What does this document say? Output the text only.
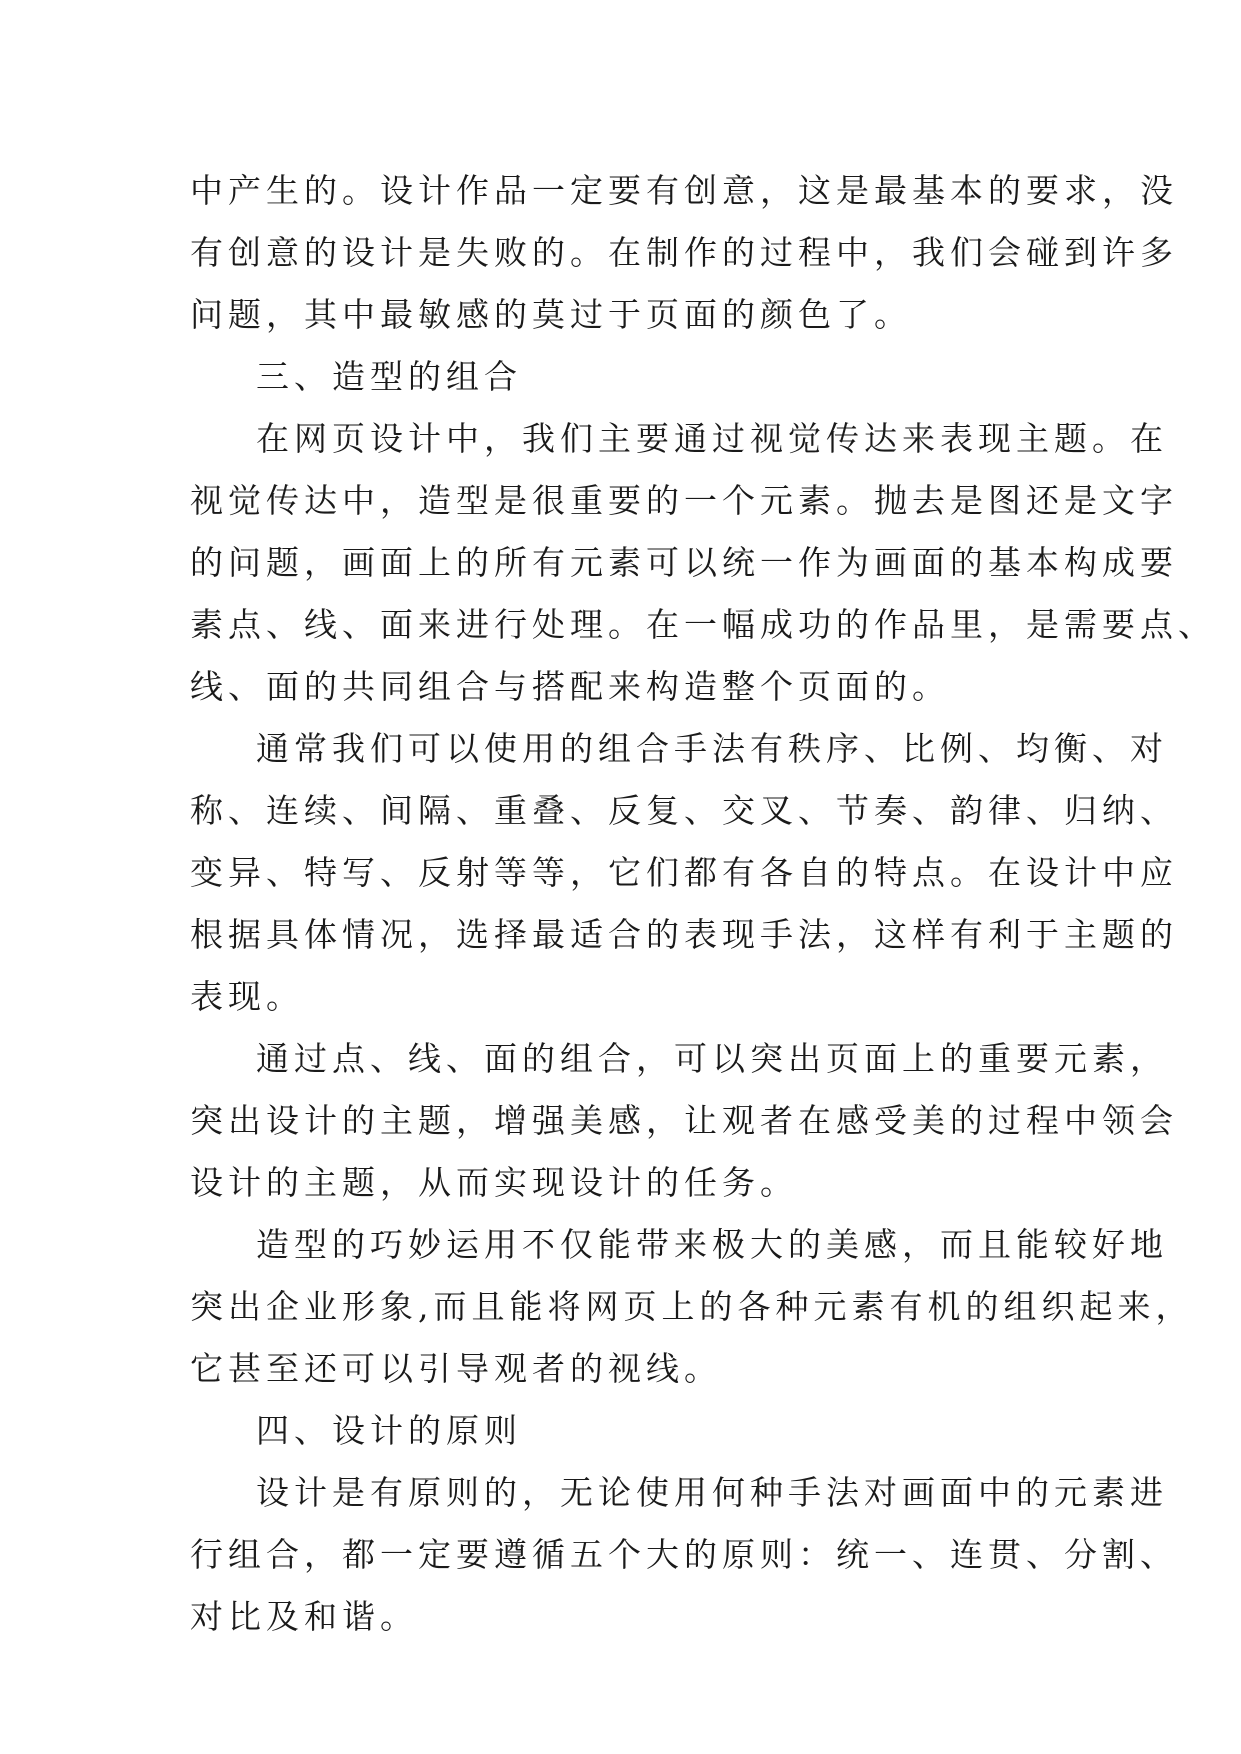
中产生的。设计作品一定要有创意，这是最基本的要求，没
有创意的设计是失败的。在制作的过程中，我们会碰到许多
问题，其中最敏感的莫过于页面的颜色了。
三、造型的组合
在网页设计中，我们主要通过视觉传达来表现主题。在
视觉传达中，造型是很重要的一个元素。抛去是图还是文字
的问题，画面上的所有元素可以统一作为画面的基本构成要
素点、线、面来进行处理。在一幅成功的作品里，是需要点、
线、面的共同组合与搭配来构造整个页面的。
通常我们可以使用的组合手法有秩序、比例、均衡、对
称、连续、间隔、重叠、反复、交叉、节奏、韵律、归纳、
变异、特写、反射等等，它们都有各自的特点。在设计中应
根据具体情况，选择最适合的表现手法，这样有利于主题的
表现。
通过点、线、面的组合，可以突出页面上的重要元素，
突出设计的主题，增强美感，让观者在感受美的过程中领会
设计的主题，从而实现设计的任务。
造型的巧妙运用不仅能带来极大的美感，而且能较好地
突出企业形象,而且能将网页上的各种元素有机的组织起来，
它甚至还可以引导观者的视线。
四、设计的原则
设计是有原则的，无论使用何种手法对画面中的元素进
行组合，都一定要遵循五个大的原则：统一、连贯、分割、
对比及和谐。
